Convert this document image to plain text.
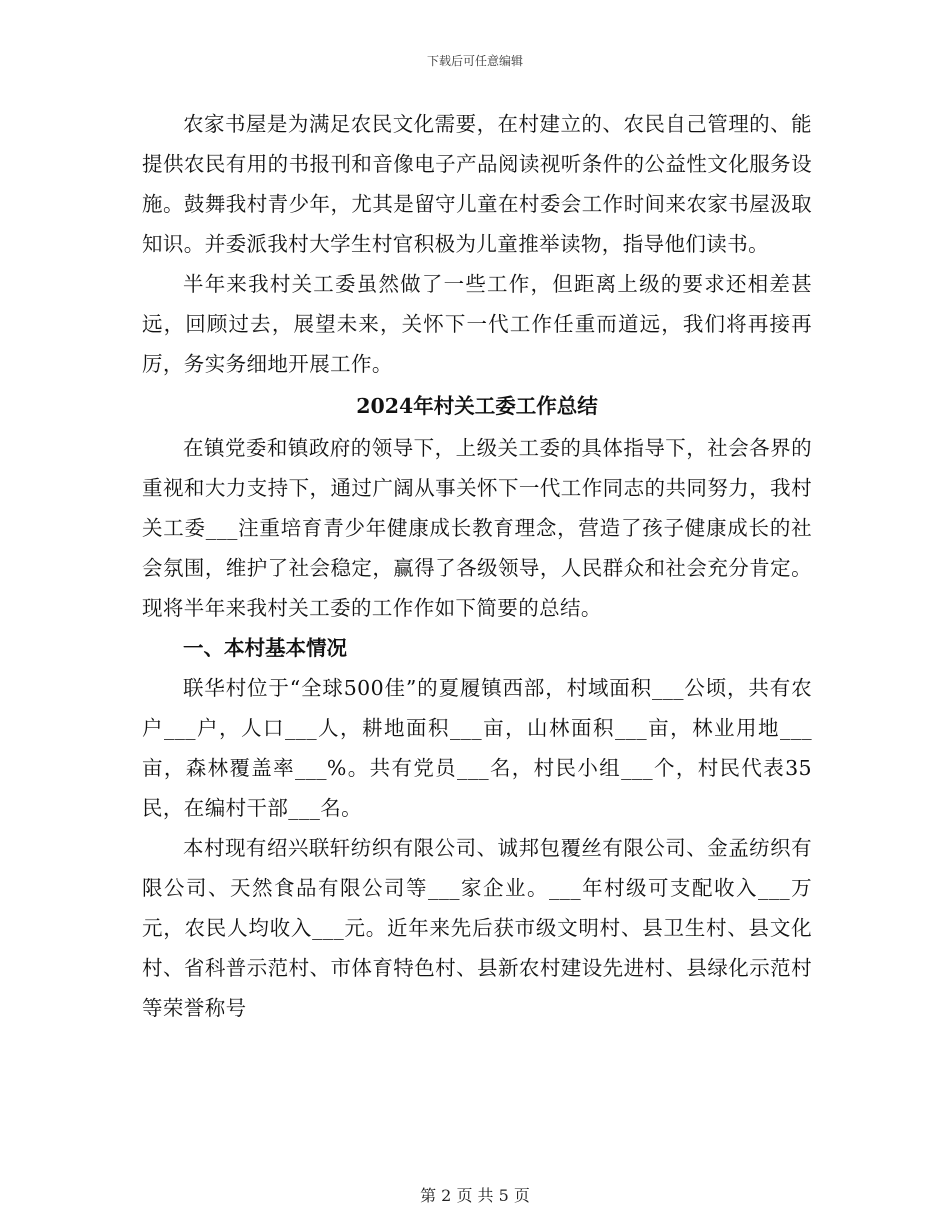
下载后可任意编辑

农家书屋是为满足农民文化需要，在村建立的、农民自己管理的、能提供农民有用的书报刊和音像电子产品阅读视听条件的公益性文化服务设施。鼓舞我村青少年，尤其是留守儿童在村委会工作时间来农家书屋汲取知识。并委派我村大学生村官积极为儿童推举读物，指导他们读书。

半年来我村关工委虽然做了一些工作，但距离上级的要求还相差甚远，回顾过去，展望未来，关怀下一代工作任重而道远，我们将再接再厉，务实务细地开展工作。

2024年村关工委工作总结

在镇党委和镇政府的领导下，上级关工委的具体指导下，社会各界的重视和大力支持下，通过广阔从事关怀下一代工作同志的共同努力，我村关工委___注重培育青少年健康成长教育理念，营造了孩子健康成长的社会氛围，维护了社会稳定，赢得了各级领导，人民群众和社会充分肯定。现将半年来我村关工委的工作作如下简要的总结。

一、本村基本情况

联华村位于“全球500佳”的夏履镇西部，村域面积___公顷，共有农户___户，人口___人，耕地面积___亩，山林面积___亩，林业用地___亩，森林覆盖率___%。共有党员___名，村民小组___个，村民代表35民，在编村干部___名。

本村现有绍兴联轩纺织有限公司、诚邦包覆丝有限公司、金孟纺织有限公司、天然食品有限公司等___家企业。___年村级可支配收入___万元，农民人均收入___元。近年来先后获市级文明村、县卫生村、县文化村、省科普示范村、市体育特色村、县新农村建设先进村、县绿化示范村等荣誉称号

第 2 页 共 5 页
